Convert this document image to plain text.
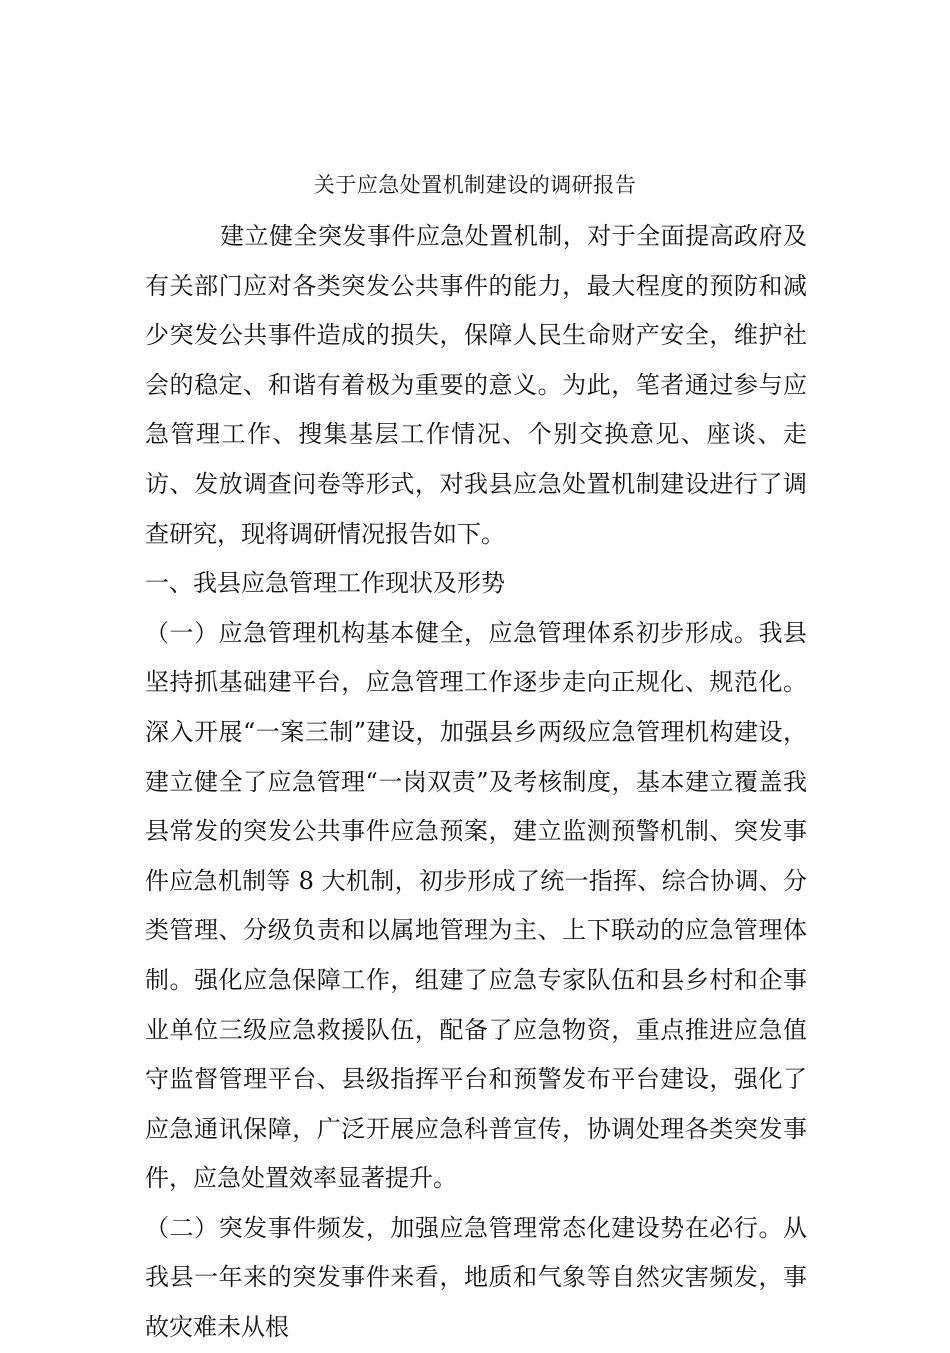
关于应急处置机制建设的调研报告

建立健全突发事件应急处置机制，对于全面提高政府及有关部门应对各类突发公共事件的能力，最大程度的预防和减少突发公共事件造成的损失，保障人民生命财产安全，维护社会的稳定、和谐有着极为重要的意义。为此，笔者通过参与应急管理工作、搜集基层工作情况、个别交换意见、座谈、走访、发放调查问卷等形式，对我县应急处置机制建设进行了调查研究，现将调研情况报告如下。

一、我县应急管理工作现状及形势

（一）应急管理机构基本健全，应急管理体系初步形成。我县坚持抓基础建平台，应急管理工作逐步走向正规化、规范化。深入开展“一案三制”建设，加强县乡两级应急管理机构建设，建立健全了应急管理“一岗双责”及考核制度，基本建立覆盖我县常发的突发公共事件应急预案，建立监测预警机制、突发事件应急机制等 8 大机制，初步形成了统一指挥、综合协调、分类管理、分级负责和以属地管理为主、上下联动的应急管理体制。强化应急保障工作，组建了应急专家队伍和县乡村和企事业单位三级应急救援队伍，配备了应急物资，重点推进应急值守监督管理平台、县级指挥平台和预警发布平台建设，强化了应急通讯保障，广泛开展应急科普宣传，协调处理各类突发事件，应急处置效率显著提升。

（二）突发事件频发，加强应急管理常态化建设势在必行。从我县一年来的突发事件来看，地质和气象等自然灾害频发，事故灾难未从根
